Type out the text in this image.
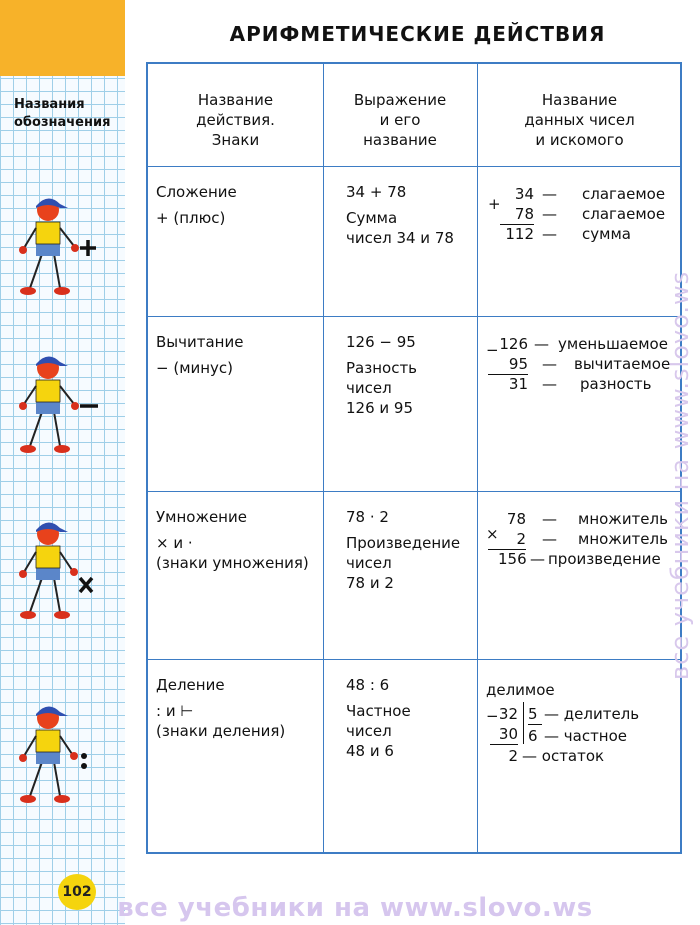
Названия
обозначения
102
АРИФМЕТИЧЕСКИЕ ДЕЙСТВИЯ
Название
действия.
Знаки
Выражение
и его
название
Название
данных чисел
и искомого
Сложение
+ (плюс)
34 + 78
Сумма
чисел 34 и 78
+
34 — слагаемое
78 — слагаемое
112 — сумма
Вычитание
− (минус)
126 − 95
Разность
чисел
126 и 95
− 126 — уменьшаемое
95 — вычитаемое
31 — разность
Умножение
× и ·
(знаки умножения)
78 · 2
Произведение
чисел
78 и 2
×
78 — множитель
2 — множитель
156 — произведение
Деление
: и ⊢
(знаки деления)
48 : 6
Частное
чисел
48 и 6
делимое
− 32 5 — делитель
30 6 — частное
2 — остаток
все учебники на www.slovo.ws
все учебники на www.slovo.ws
